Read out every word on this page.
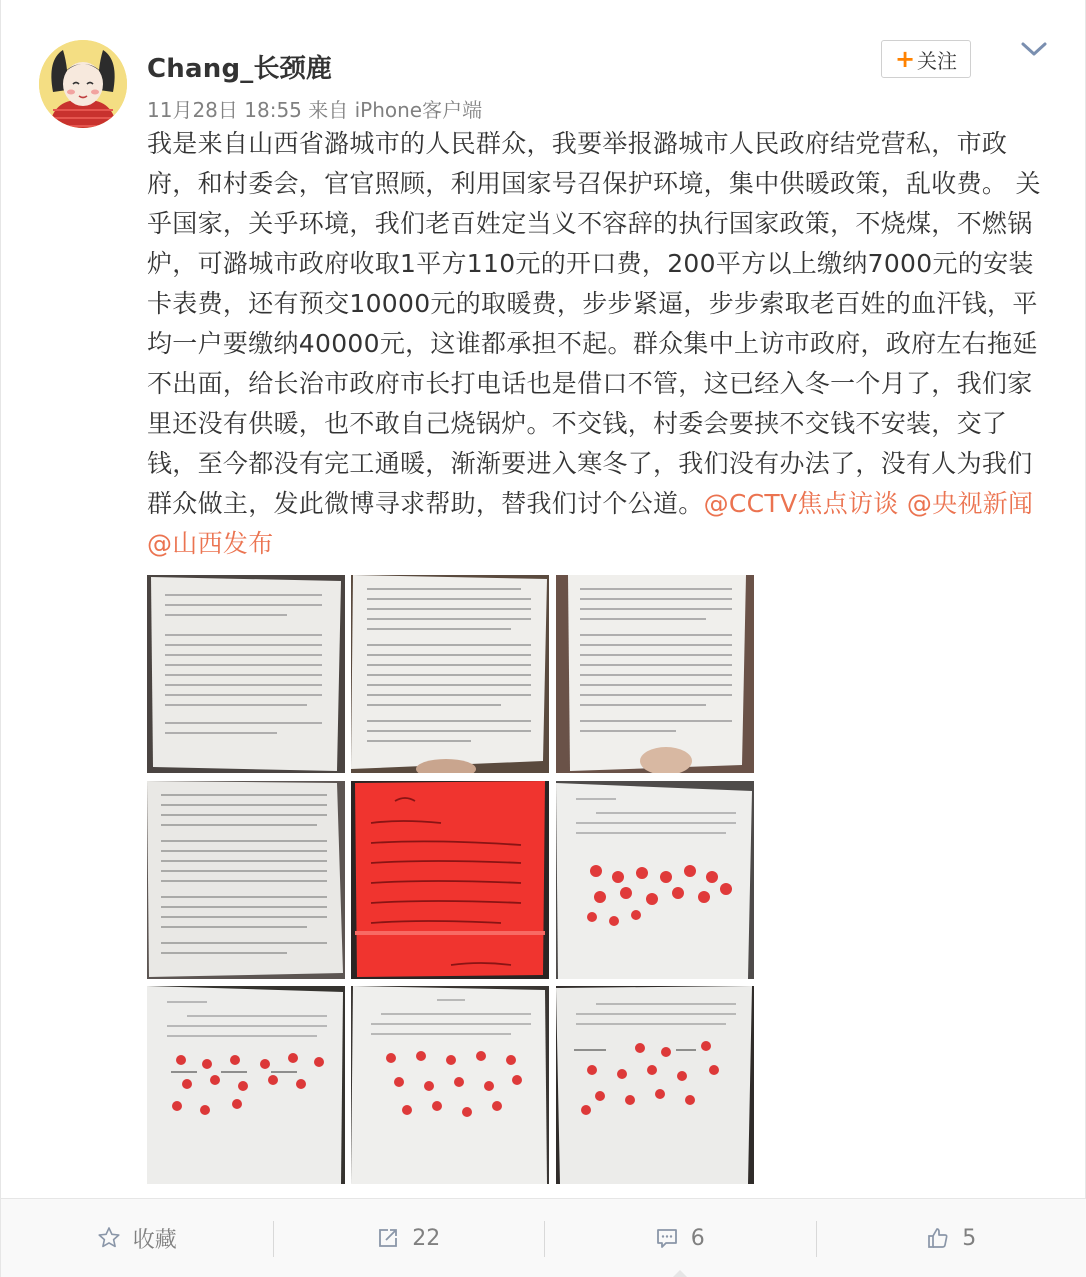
Chang_长颈鹿
11月28日 18:55 来自 iPhone客户端
+ 关注
我是来自山西省潞城市的人民群众，我要举报潞城市人民政府结党营私，市政府，和村委会，官官照顾，利用国家号召保护环境，集中供暖政策，乱收费。 关乎国家，关乎环境，我们老百姓定当义不容辞的执行国家政策，不烧煤，不燃锅炉，可潞城市政府收取1平方110元的开口费，200平方以上缴纳7000元的安装卡表费，还有预交10000元的取暖费，步步紧逼，步步索取老百姓的血汗钱，平均一户要缴纳40000元，这谁都承担不起。群众集中上访市政府，政府左右拖延不出面，给长治市政府市长打电话也是借口不管，这已经入冬一个月了，我们家里还没有供暖，也不敢自己烧锅炉。不交钱，村委会要挟不交钱不安装，交了钱，至今都没有完工通暖，渐渐要进入寒冬了，我们没有办法了，没有人为我们群众做主，发此微博寻求帮助，替我们讨个公道。@CCTV焦点访谈 @央视新闻 @山西发布
收藏	22	6	5
